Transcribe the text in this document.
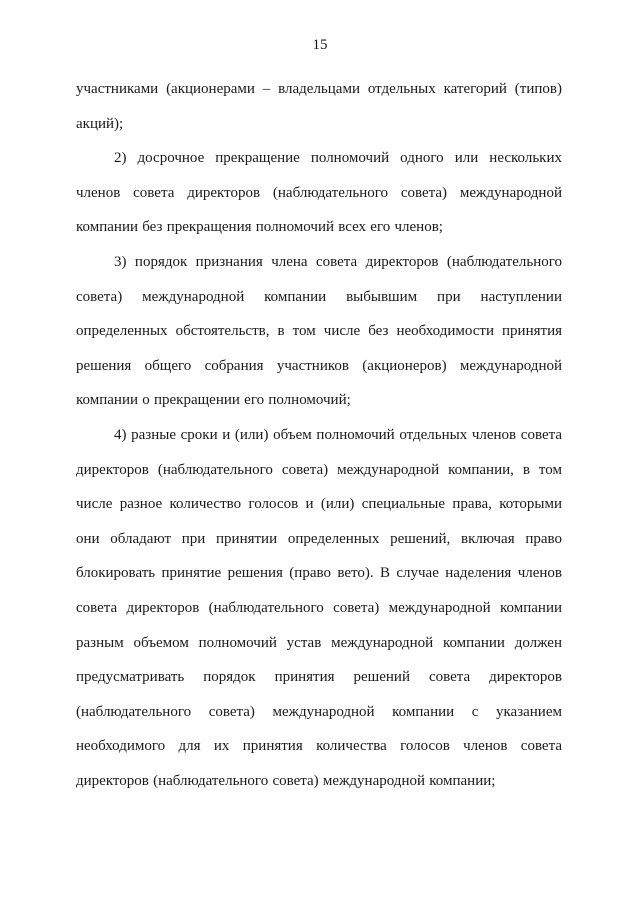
15

участниками (акционерами – владельцами отдельных категорий (типов) акций);

2) досрочное прекращение полномочий одного или нескольких членов совета директоров (наблюдательного совета) международной компании без прекращения полномочий всех его членов;

3) порядок признания члена совета директоров (наблюдательного совета) международной компании выбывшим при наступлении определенных обстоятельств, в том числе без необходимости принятия решения общего собрания участников (акционеров) международной компании о прекращении его полномочий;

4) разные сроки и (или) объем полномочий отдельных членов совета директоров (наблюдательного совета) международной компании, в том числе разное количество голосов и (или) специальные права, которыми они обладают при принятии определенных решений, включая право блокировать принятие решения (право вето). В случае наделения членов совета директоров (наблюдательного совета) международной компании разным объемом полномочий устав международной компании должен предусматривать порядок принятия решений совета директоров (наблюдательного совета) международной компании с указанием необходимого для их принятия количества голосов членов совета директоров (наблюдательного совета) международной компании;
